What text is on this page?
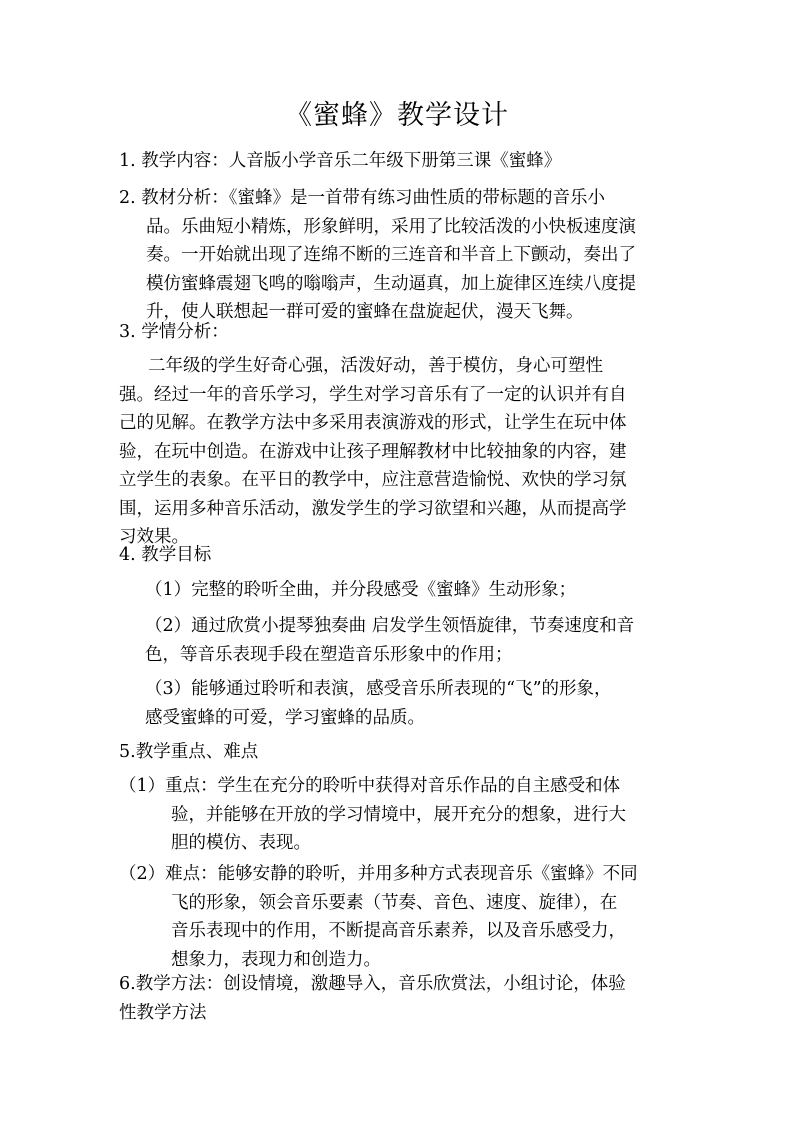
《蜜蜂》教学设计
1. 教学内容：人音版小学音乐二年级下册第三课《蜜蜂》
2. 教材分析：《蜜蜂》是一首带有练习曲性质的带标题的音乐小
品。乐曲短小精炼，形象鲜明，采用了比较活泼的小快板速度演
奏。一开始就出现了连绵不断的三连音和半音上下颤动，奏出了
模仿蜜蜂震翅飞鸣的嗡嗡声，生动逼真，加上旋律区连续八度提
升，使人联想起一群可爱的蜜蜂在盘旋起伏，漫天飞舞。
3. 学情分析：
二年级的学生好奇心强，活泼好动，善于模仿，身心可塑性
强。经过一年的音乐学习，学生对学习音乐有了一定的认识并有自
己的见解。在教学方法中多采用表演游戏的形式，让学生在玩中体
验，在玩中创造。在游戏中让孩子理解教材中比较抽象的内容，建
立学生的表象。在平日的教学中，应注意营造愉悦、欢快的学习氛
围，运用多种音乐活动，激发学生的学习欲望和兴趣，从而提高学
习效果。
4. 教学目标
（1）完整的聆听全曲，并分段感受《蜜蜂》生动形象；
（2）通过欣赏小提琴独奏曲 启发学生领悟旋律，节奏速度和音
色，等音乐表现手段在塑造音乐形象中的作用；
（3）能够通过聆听和表演，感受音乐所表现的“飞”的形象，
感受蜜蜂的可爱，学习蜜蜂的品质。
5.教学重点、难点
（1）重点：学生在充分的聆听中获得对音乐作品的自主感受和体
验，并能够在开放的学习情境中，展开充分的想象，进行大
胆的模仿、表现。
（2）难点：能够安静的聆听，并用多种方式表现音乐《蜜蜂》不同
飞的形象，领会音乐要素（节奏、音色、速度、旋律），在
音乐表现中的作用，不断提高音乐素养，以及音乐感受力，
想象力，表现力和创造力。
6.教学方法：创设情境，激趣导入，音乐欣赏法，小组讨论，体验
性教学方法
